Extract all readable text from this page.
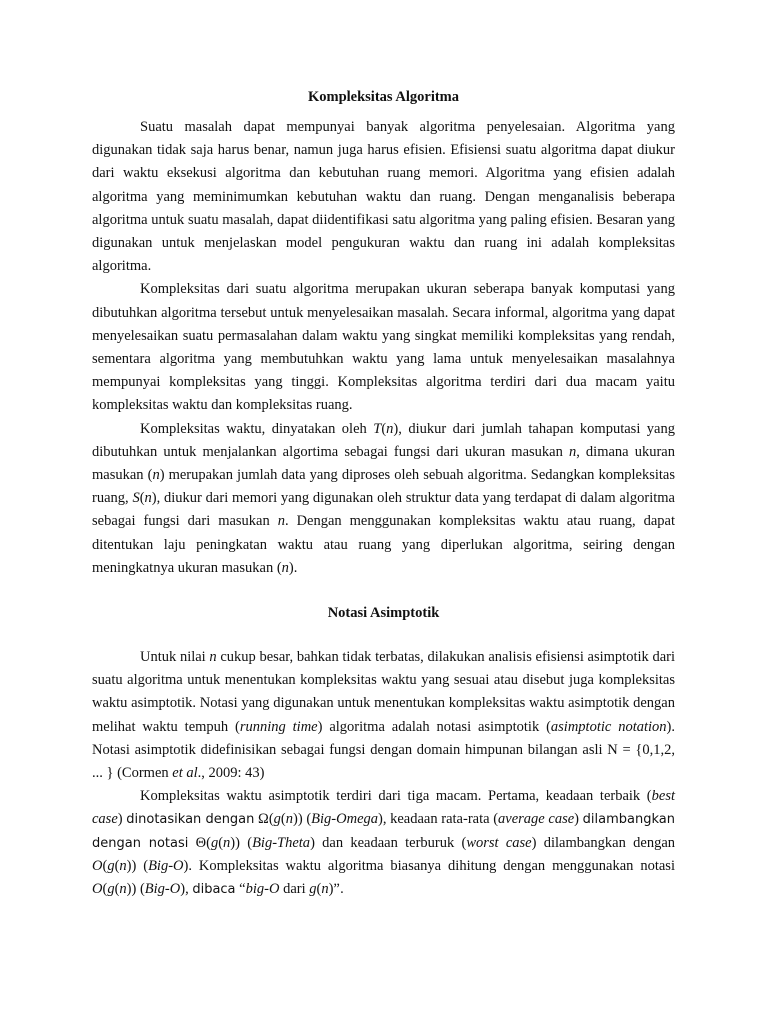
Kompleksitas Algoritma

Suatu masalah dapat mempunyai banyak algoritma penyelesaian. Algoritma yang digunakan tidak saja harus benar, namun juga harus efisien. Efisiensi suatu algoritma dapat diukur dari waktu eksekusi algoritma dan kebutuhan ruang memori. Algoritma yang efisien adalah algoritma yang meminimumkan kebutuhan waktu dan ruang. Dengan menganalisis beberapa algoritma untuk suatu masalah, dapat diidentifikasi satu algoritma yang paling efisien. Besaran yang digunakan untuk menjelaskan model pengukuran waktu dan ruang ini adalah kompleksitas algoritma.

Kompleksitas dari suatu algoritma merupakan ukuran seberapa banyak komputasi yang dibutuhkan algoritma tersebut untuk menyelesaikan masalah. Secara informal, algoritma yang dapat menyelesaikan suatu permasalahan dalam waktu yang singkat memiliki kompleksitas yang rendah, sementara algoritma yang membutuhkan waktu yang lama untuk menyelesaikan masalahnya mempunyai kompleksitas yang tinggi. Kompleksitas algoritma terdiri dari dua macam yaitu kompleksitas waktu dan kompleksitas ruang.

Kompleksitas waktu, dinyatakan oleh T(n), diukur dari jumlah tahapan komputasi yang dibutuhkan untuk menjalankan algortima sebagai fungsi dari ukuran masukan n, dimana ukuran masukan (n) merupakan jumlah data yang diproses oleh sebuah algoritma. Sedangkan kompleksitas ruang, S(n), diukur dari memori yang digunakan oleh struktur data yang terdapat di dalam algoritma sebagai fungsi dari masukan n. Dengan menggunakan kompleksitas waktu atau ruang, dapat ditentukan laju peningkatan waktu atau ruang yang diperlukan algoritma, seiring dengan meningkatnya ukuran masukan (n).

Notasi Asimptotik

Untuk nilai n cukup besar, bahkan tidak terbatas, dilakukan analisis efisiensi asimptotik dari suatu algoritma untuk menentukan kompleksitas waktu yang sesuai atau disebut juga kompleksitas waktu asimptotik. Notasi yang digunakan untuk menentukan kompleksitas waktu asimptotik dengan melihat waktu tempuh (running time) algoritma adalah notasi asimptotik (asimptotic notation). Notasi asimptotik didefinisikan sebagai fungsi dengan domain himpunan bilangan asli N = {0,1,2, ... } (Cormen et al., 2009: 43)

Kompleksitas waktu asimptotik terdiri dari tiga macam. Pertama, keadaan terbaik (best case) dinotasikan dengan Ω(g(n)) (Big-Omega), keadaan rata-rata (average case) dilambangkan dengan notasi Θ(g(n)) (Big-Theta) dan keadaan terburuk (worst case) dilambangkan dengan O(g(n)) (Big-O). Kompleksitas waktu algoritma biasanya dihitung dengan menggunakan notasi O(g(n)) (Big-O), dibaca “big-O dari g(n)”.
